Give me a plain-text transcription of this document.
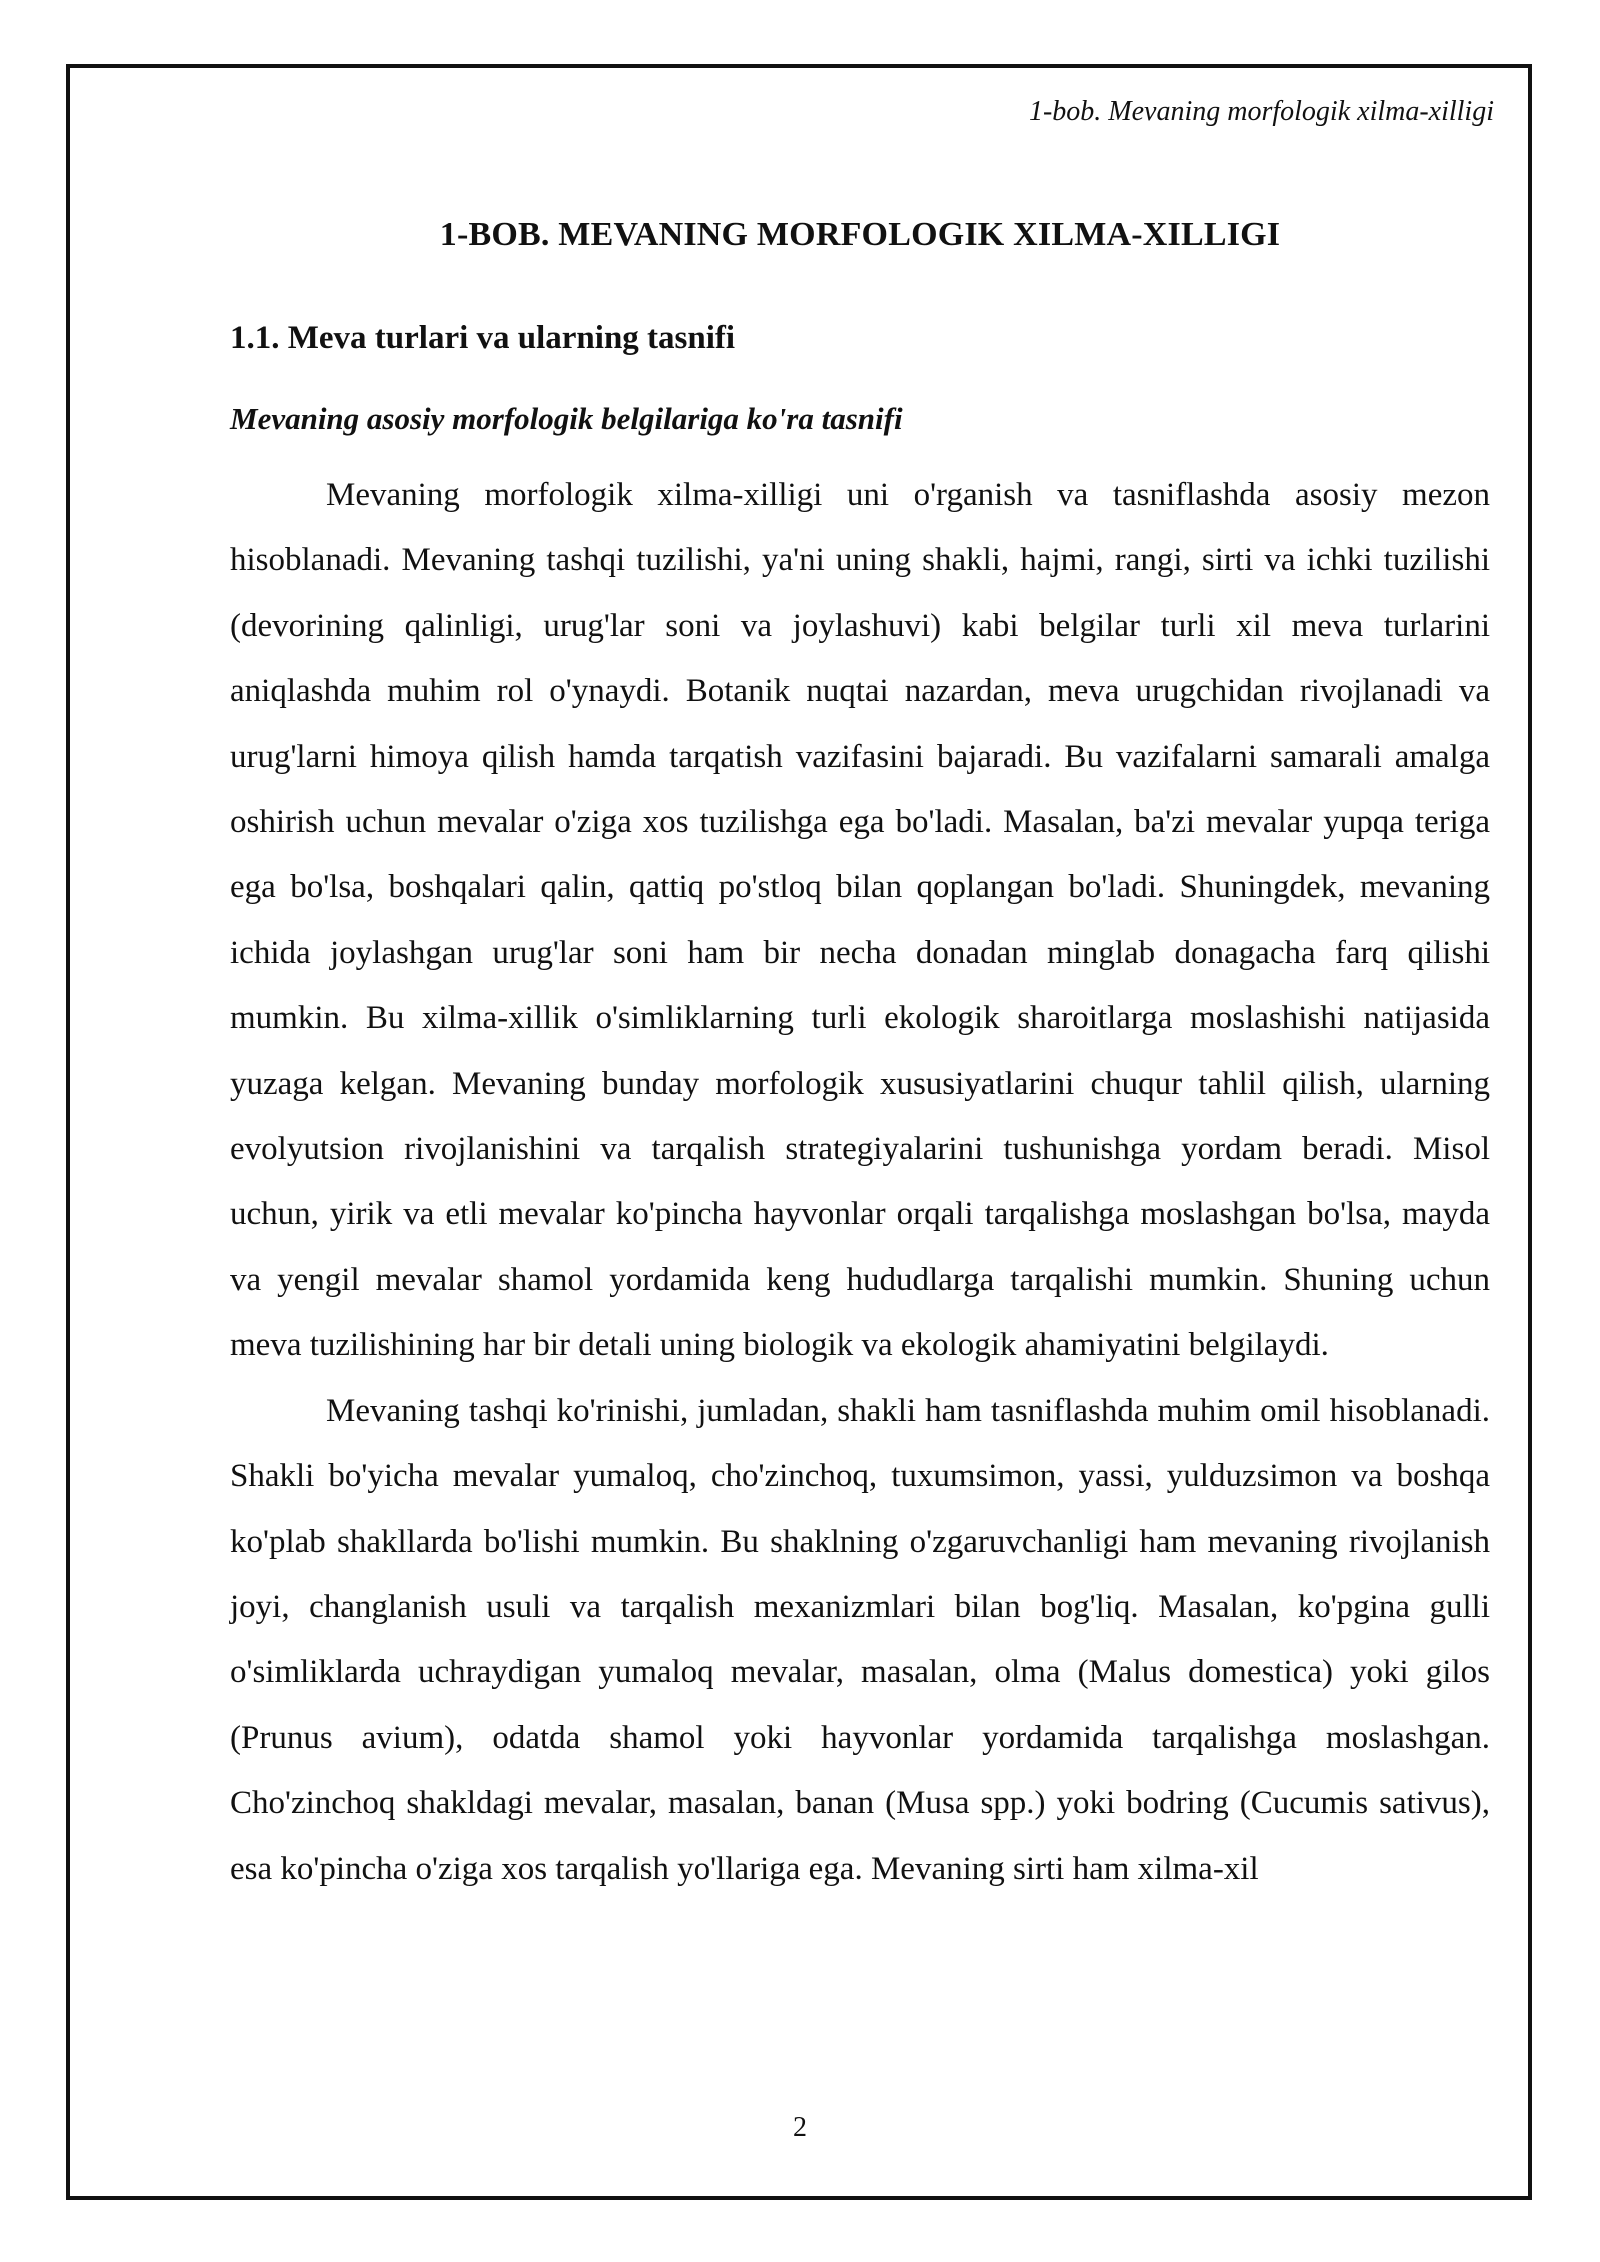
1-bob. Mevaning morfologik xilma-xilligi
1-BOB. MEVANING MORFOLOGIK XILMA-XILLIGI
1.1. Meva turlari va ularning tasnifi
Mevaning asosiy morfologik belgilariga ko'ra tasnifi

Mevaning morfologik xilma-xilligi uni o'rganish va tasniflashda asosiy mezon hisoblanadi. Mevaning tashqi tuzilishi, ya'ni uning shakli, hajmi, rangi, sirti va ichki tuzilishi (devorining qalinligi, urug'lar soni va joylashuvi) kabi belgilar turli xil meva turlarini aniqlashda muhim rol o'ynaydi. Botanik nuqtai nazardan, meva urugchidan rivojlanadi va urug'larni himoya qilish hamda tarqatish vazifasini bajaradi. Bu vazifalarni samarali amalga oshirish uchun mevalar o'ziga xos tuzilishga ega bo'ladi. Masalan, ba'zi mevalar yupqa teriga ega bo'lsa, boshqalari qalin, qattiq po'stloq bilan qoplangan bo'ladi. Shuningdek, mevaning ichida joylashgan urug'lar soni ham bir necha donadan minglab donagacha farq qilishi mumkin. Bu xilma-xillik o'simliklarning turli ekologik sharoitlarga moslashishi natijasida yuzaga kelgan. Mevaning bunday morfologik xususiyatlarini chuqur tahlil qilish, ularning evolyutsion rivojlanishini va tarqalish strategiyalarini tushunishga yordam beradi. Misol uchun, yirik va etli mevalar ko'pincha hayvonlar orqali tarqalishga moslashgan bo'lsa, mayda va yengil mevalar shamol yordamida keng hududlarga tarqalishi mumkin. Shuning uchun meva tuzilishining har bir detali uning biologik va ekologik ahamiyatini belgilaydi.

Mevaning tashqi ko'rinishi, jumladan, shakli ham tasniflashda muhim omil hisoblanadi. Shakli bo'yicha mevalar yumaloq, cho'zinchoq, tuxumsimon, yassi, yulduzsimon va boshqa ko'plab shakllarda bo'lishi mumkin. Bu shaklning o'zgaruvchanligi ham mevaning rivojlanish joyi, changlanish usuli va tarqalish mexanizmlari bilan bog'liq. Masalan, ko'pgina gulli o'simliklarda uchraydigan yumaloq mevalar, masalan, olma (Malus domestica) yoki gilos (Prunus avium), odatda shamol yoki hayvonlar yordamida tarqalishga moslashgan. Cho'zinchoq shakldagi mevalar, masalan, banan (Musa spp.) yoki bodring (Cucumis sativus), esa ko'pincha o'ziga xos tarqalish yo'llariga ega. Mevaning sirti ham xilma-xil

2
